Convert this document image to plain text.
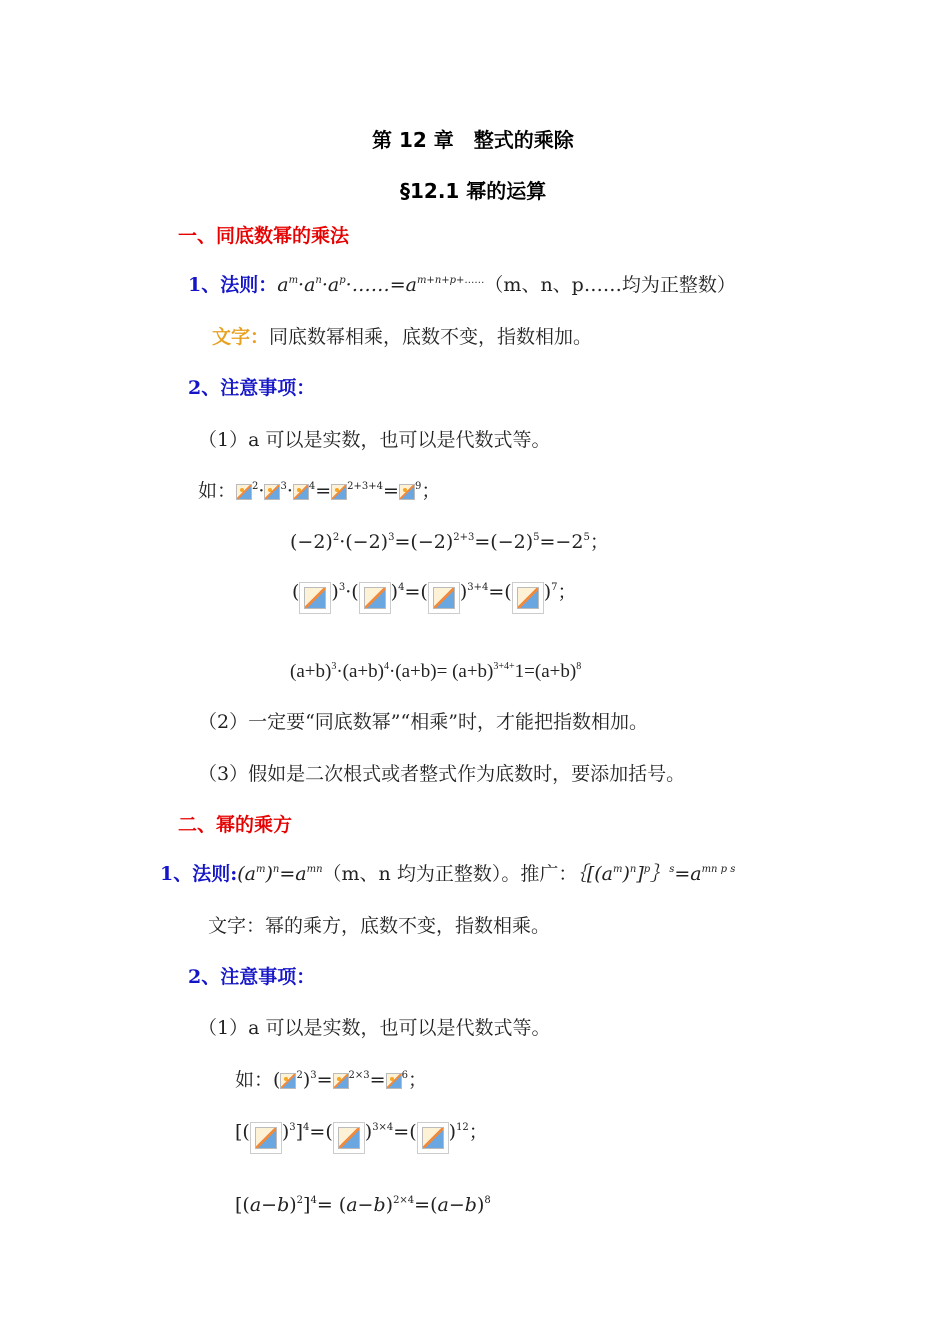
第 12 章　整式的乘除
§12.1 幂的运算
一、同底数幂的乘法
1、法则：$a^m\cdot a^n\cdot a^p\cdot\dots\dots=a^{m+n+p+\dots\dots}(m$、n、p……均为正整数）
文字：同底数幂相乘，底数不变，指数相加。
2、注意事项：
（1）a 可以是实数，也可以是代数式等。
如： $^2$· $^3$· $^4$= $^{2+3+4}$= $^9$；
$(-2)^2\cdot(-2)^3=(-2)^{2+3}=(-2)^5=-2^5$；
( )$^3$·( )$^4$=( )$^{3+4}$=( )$^7$；
$(a+b)^3\cdot(a+b)^4\cdot(a+b)= (a+b)^{3+4+}1=(a+b)^8$
（2）一定要“同底数幂”“相乘”时，才能把指数相加。
（3）假如是二次根式或者整式作为底数时，要添加括号。
二、幂的乘方
1、法则$:(a^m)^n=a^{mn}(m$、n 均为正整数）。推广：$\{[(a^m)^n]^p\}^s=a^{mn p s}$
文字：幂的乘方，底数不变，指数相乘。
2、注意事项：
（1）a 可以是实数，也可以是代数式等。
如：( $^2$)$^3$= $^{2\times 3}$= $^6$；
[( )$^3$]$^4$=( )$^{3\times 4}$=( )$^{12}$；
$[(a-b)^2]^4= (a-b)^{2\times 4}=(a-b)^8$
